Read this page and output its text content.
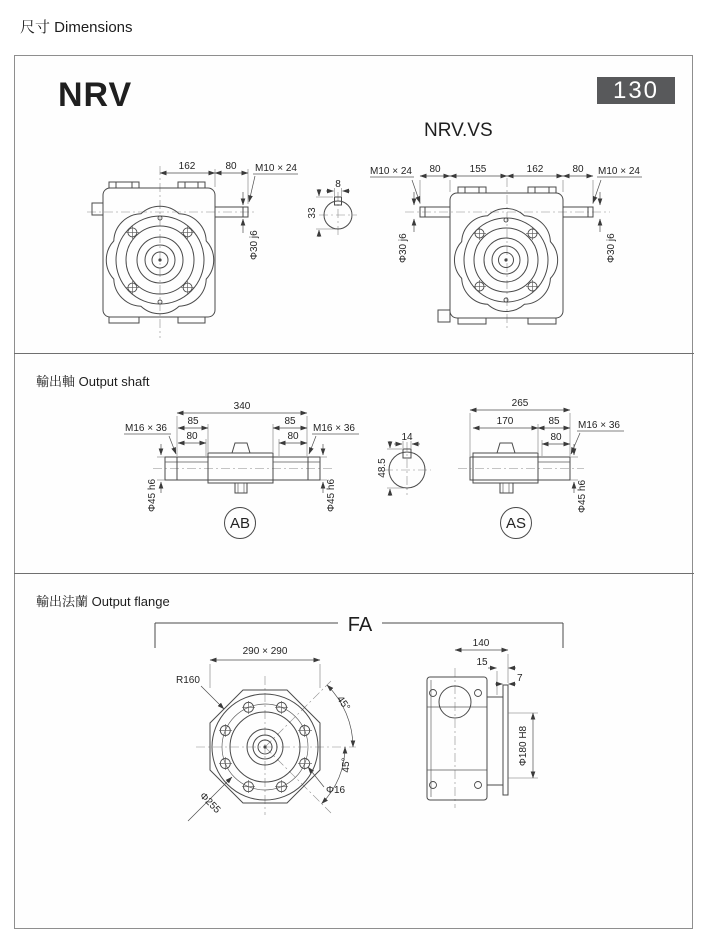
尺寸 Dimensions
NRV	130
NRV.VS
162	80 M10 × 24
Φ30 j6
8
33
80	155	162	80
M10 × 24	M10 × 24
Φ30 j6	Φ30 j6
輸出軸 Output shaft
340
85	85
80	80
M16 × 36	M16 × 36
Φ45 h6	Φ45 h6
AB
14
48.5
265
170	85
80
M16 × 36
Φ45 h6
AS
輸出法蘭 Output flange
FA
290 × 290
R160
45°
45°
Φ255
Φ16
140
15
7
Φ180 H8
